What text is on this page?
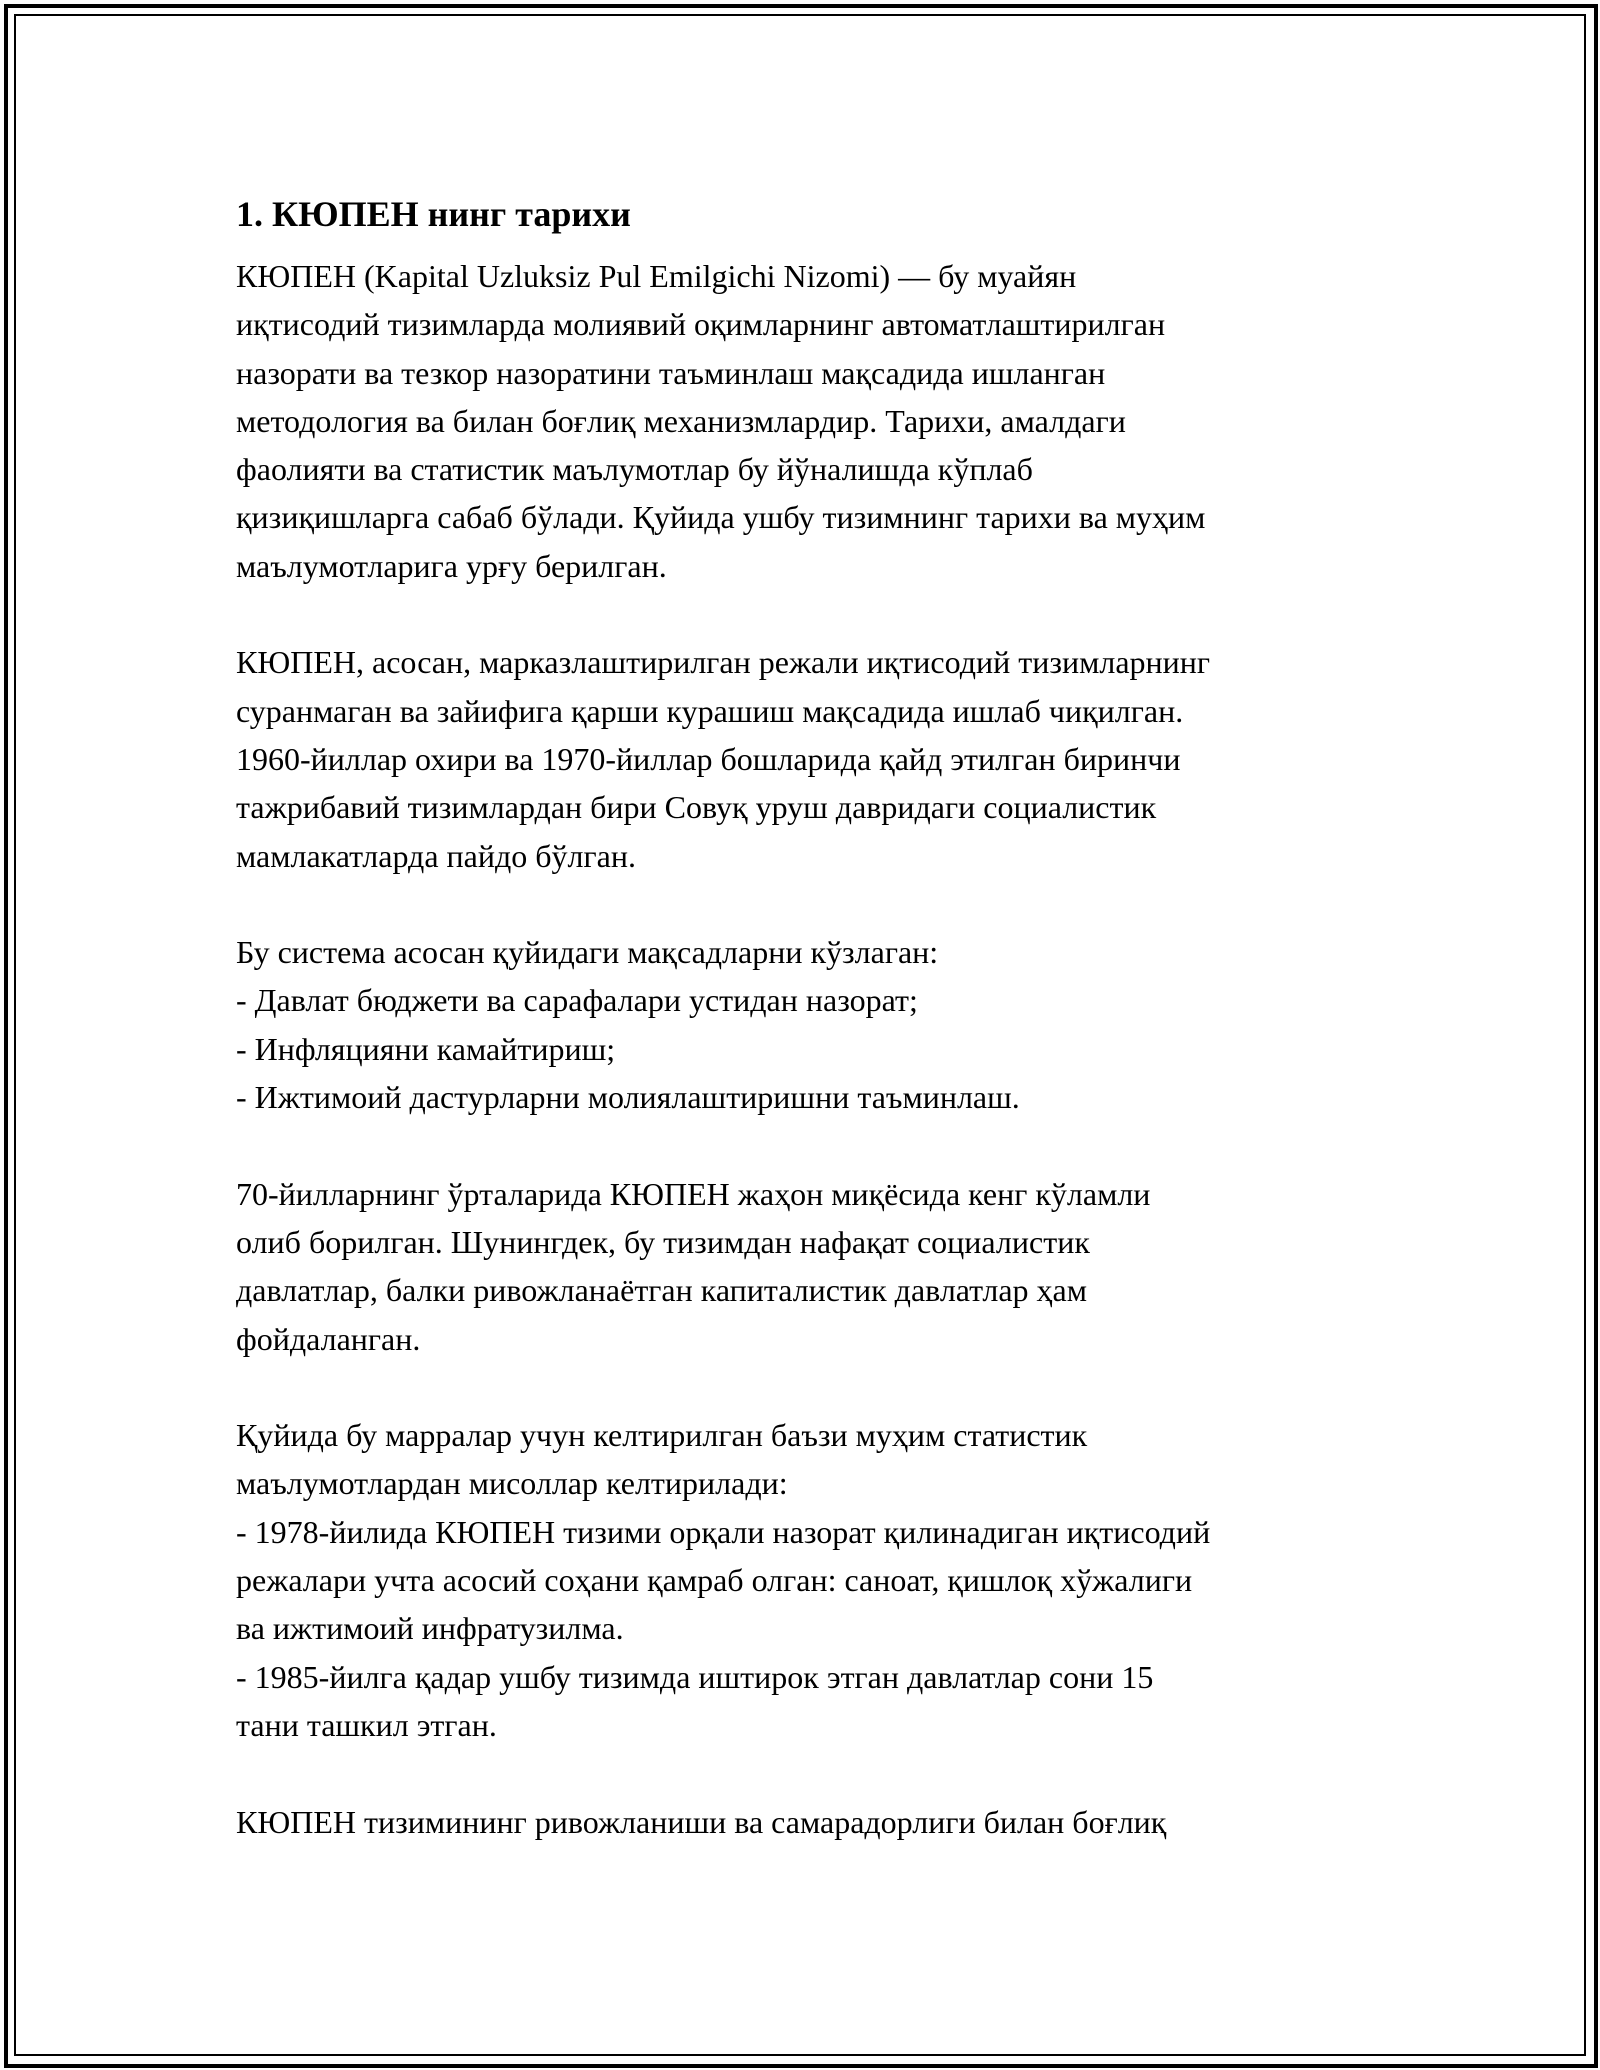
1. КЮПЕН нинг тарихи

КЮПЕН (Kapital Uzluksiz Pul Emilgichi Nizomi) — бу муайян
иқтисодий тизимларда молиявий оқимларнинг автоматлаштирилган
назорати ва тезкор назоратини таъминлаш мақсадида ишланган
методология ва билан боғлиқ механизмлардир. Тарихи, амалдаги
фаолияти ва статистик маълумотлар бу йўналишда кўплаб
қизиқишларга сабаб бўлади. Қуйида ушбу тизимнинг тарихи ва муҳим
маълумотларига урғу берилган.

КЮПЕН, асосан, марказлаштирилган режали иқтисодий тизимларнинг
суранмаган ва зайифига қарши курашиш мақсадида ишлаб чиқилган.
1960-йиллар охири ва 1970-йиллар бошларида қайд этилган биринчи
тажрибавий тизимлардан бири Совуқ уруш давридаги социалистик
мамлакатларда пайдо бўлган.

Бу система асосан қуйидаги мақсадларни кўзлаган:
- Давлат бюджети ва сарафалари устидан назорат;
- Инфляцияни камайтириш;
- Ижтимоий дастурларни молиялаштиришни таъминлаш.

70-йилларнинг ўрталарида КЮПЕН жаҳон миқёсида кенг кўламли
олиб борилган. Шунингдек, бу тизимдан нафақат социалистик
давлатлар, балки ривожланаётган капиталистик давлатлар ҳам
фойдаланган.

Қуйида бу марралар учун келтирилган баъзи муҳим статистик
маълумотлардан мисоллар келтирилади:
- 1978-йилида КЮПЕН тизими орқали назорат қилинадиган иқтисодий
режалари учта асосий соҳани қамраб олган: саноат, қишлоқ хўжалиги
ва ижтимоий инфратузилма.
- 1985-йилга қадар ушбу тизимда иштирок этган давлатлар сони 15
тани ташкил этган.

КЮПЕН тизимининг ривожланиши ва самарадорлиги билан боғлиқ
